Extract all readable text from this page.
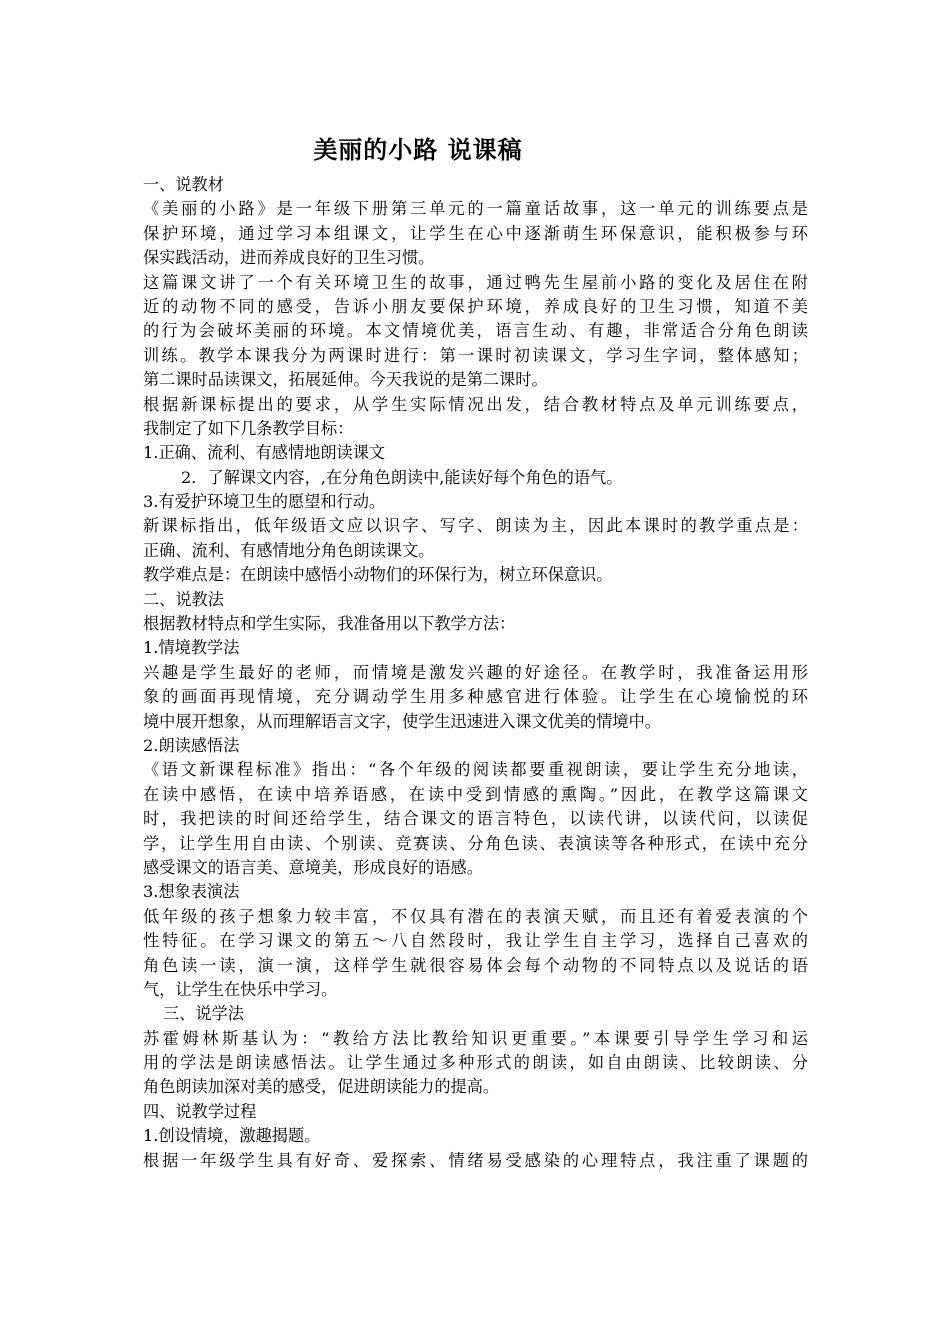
美丽的小路 说课稿
一、说教材
《美丽的小路》是一年级下册第三单元的一篇童话故事，这一单元的训练要点是
保护环境，通过学习本组课文，让学生在心中逐渐萌生环保意识，能积极参与环
保实践活动，进而养成良好的卫生习惯。
这篇课文讲了一个有关环境卫生的故事，通过鸭先生屋前小路的变化及居住在附
近的动物不同的感受，告诉小朋友要保护环境，养成良好的卫生习惯，知道不美
的行为会破坏美丽的环境。本文情境优美，语言生动、有趣，非常适合分角色朗读
训练。教学本课我分为两课时进行：第一课时初读课文，学习生字词，整体感知；
第二课时品读课文，拓展延伸。今天我说的是第二课时。
根据新课标提出的要求，从学生实际情况出发，结合教材特点及单元训练要点，
我制定了如下几条教学目标：
1.正确、流利、有感情地朗读课文
2．了解课文内容，,在分角色朗读中,能读好每个角色的语气。
3.有爱护环境卫生的愿望和行动。
新课标指出，低年级语文应以识字、写字、朗读为主，因此本课时的教学重点是：
正确、流利、有感情地分角色朗读课文。
教学难点是：在朗读中感悟小动物们的环保行为，树立环保意识。
二、说教法
根据教材特点和学生实际，我准备用以下教学方法：
1.情境教学法
兴趣是学生最好的老师，而情境是激发兴趣的好途径。在教学时，我准备运用形
象的画面再现情境，充分调动学生用多种感官进行体验。让学生在心境愉悦的环
境中展开想象，从而理解语言文字，使学生迅速进入课文优美的情境中。
2.朗读感悟法
《语文新课程标准》指出：“各个年级的阅读都要重视朗读，要让学生充分地读，
在读中感悟，在读中培养语感，在读中受到情感的熏陶。”因此，在教学这篇课文
时，我把读的时间还给学生，结合课文的语言特色，以读代讲，以读代问，以读促
学，让学生用自由读、个别读、竞赛读、分角色读、表演读等各种形式，在读中充分
感受课文的语言美、意境美，形成良好的语感。
3.想象表演法
低年级的孩子想象力较丰富，不仅具有潜在的表演天赋，而且还有着爱表演的个
性特征。在学习课文的第五～八自然段时，我让学生自主学习，选择自己喜欢的
角色读一读，演一演，这样学生就很容易体会每个动物的不同特点以及说话的语
气，让学生在快乐中学习。
三、说学法
苏霍姆林斯基认为：“教给方法比教给知识更重要。”本课要引导学生学习和运
用的学法是朗读感悟法。让学生通过多种形式的朗读，如自由朗读、比较朗读、分
角色朗读加深对美的感受，促进朗读能力的提高。
四、说教学过程
1.创设情境，激趣揭题。
根据一年级学生具有好奇、爱探索、情绪易受感染的心理特点，我注重了课题的
